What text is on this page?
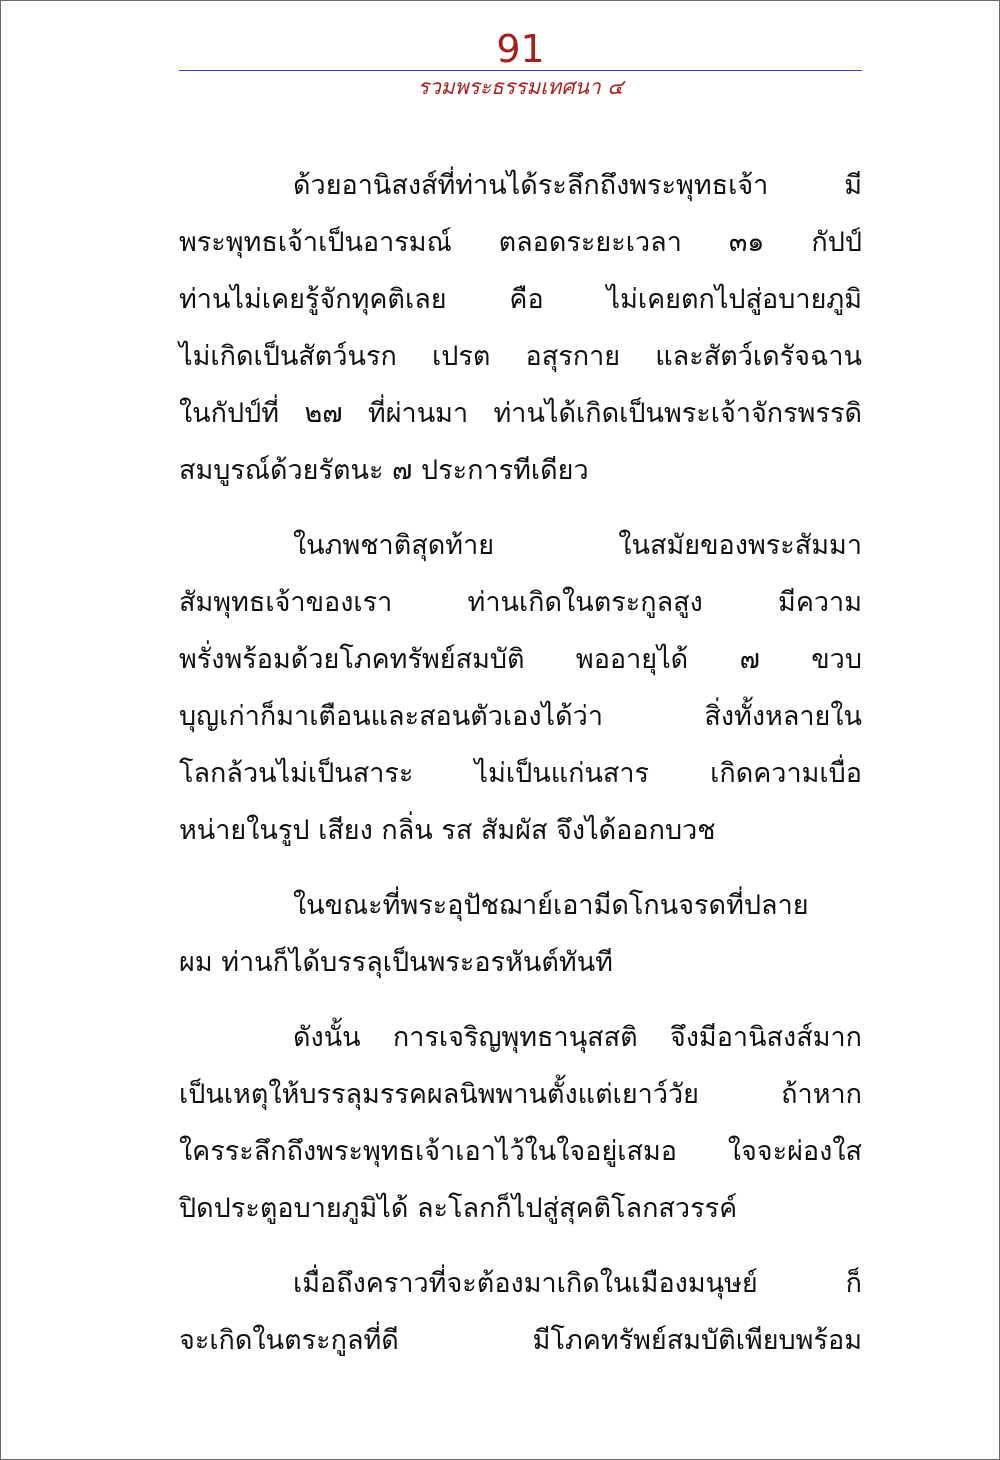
91
รวมพระธรรมเทศนา ๔
ด้วยอานิสงส์ที่ท่านได้ระลึกถึงพระพุทธเจ้า มี
พระพุทธเจ้าเป็นอารมณ์ ตลอดระยะเวลา ๓๑ กัปป์
ท่านไม่เคยรู้จักทุคติเลย คือ ไม่เคยตกไปสู่อบายภูมิ
ไม่เกิดเป็นสัตว์นรก เปรต อสุรกาย และสัตว์เดรัจฉาน
ในกัปป์ที่ ๒๗ ที่ผ่านมา ท่านได้เกิดเป็นพระเจ้าจักรพรรดิ
สมบูรณ์ด้วยรัตนะ ๗ ประการทีเดียว
ในภพชาติสุดท้าย ในสมัยของพระสัมมา
สัมพุทธเจ้าของเรา ท่านเกิดในตระกูลสูง มีความ
พรั่งพร้อมด้วยโภคทรัพย์สมบัติ พออายุได้ ๗ ขวบ
บุญเก่าก็มาเตือนและสอนตัวเองได้ว่า สิ่งทั้งหลายใน
โลกล้วนไม่เป็นสาระ ไม่เป็นแก่นสาร เกิดความเบื่อ
หน่ายในรูป เสียง กลิ่น รส สัมผัส จึงได้ออกบวช
ในขณะที่พระอุปัชฌาย์เอามีดโกนจรดที่ปลาย
ผม ท่านก็ได้บรรลุเป็นพระอรหันต์ทันที
ดังนั้น การเจริญพุทธานุสสติ จึงมีอานิสงส์มาก
เป็นเหตุให้บรรลุมรรคผลนิพพานตั้งแต่เยาว์วัย ถ้าหาก
ใครระลึกถึงพระพุทธเจ้าเอาไว้ในใจอยู่เสมอ ใจจะผ่องใส
ปิดประตูอบายภูมิได้ ละโลกก็ไปสู่สุคติโลกสวรรค์
เมื่อถึงคราวที่จะต้องมาเกิดในเมืองมนุษย์ ก็
จะเกิดในตระกูลที่ดี มีโภคทรัพย์สมบัติเพียบพร้อม
